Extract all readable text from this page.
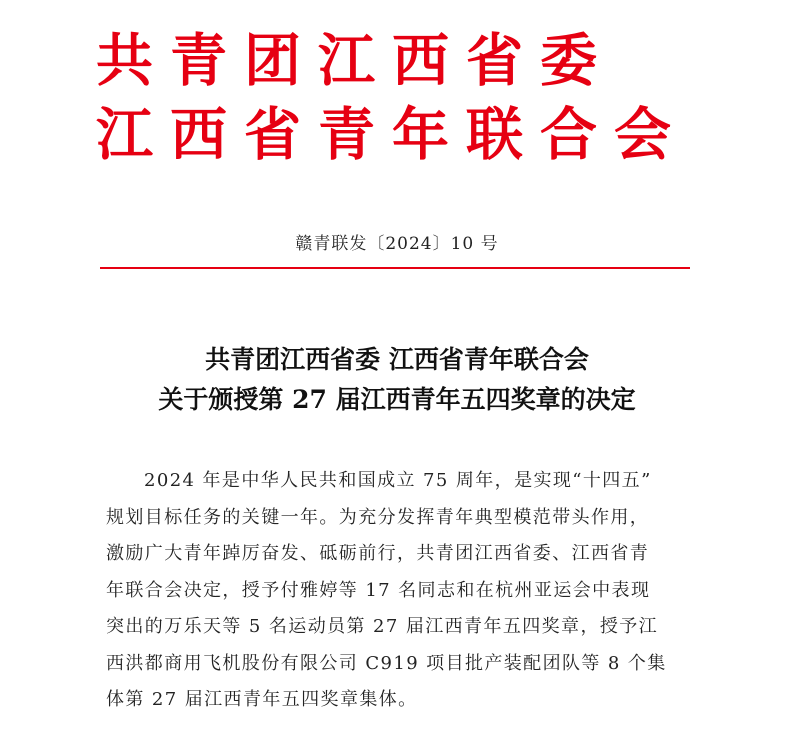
共青团江西省委
江西省青年联合会
赣青联发〔2024〕10 号
共青团江西省委 江西省青年联合会
关于颁授第 27 届江西青年五四奖章的决定
2024 年是中华人民共和国成立 75 周年，是实现“十四五”
规划目标任务的关键一年。为充分发挥青年典型模范带头作用，
激励广大青年踔厉奋发、砥砺前行，共青团江西省委、江西省青
年联合会决定，授予付雅婷等 17 名同志和在杭州亚运会中表现
突出的万乐天等 5 名运动员第 27 届江西青年五四奖章，授予江
西洪都商用飞机股份有限公司 C919 项目批产装配团队等 8 个集
体第 27 届江西青年五四奖章集体。
